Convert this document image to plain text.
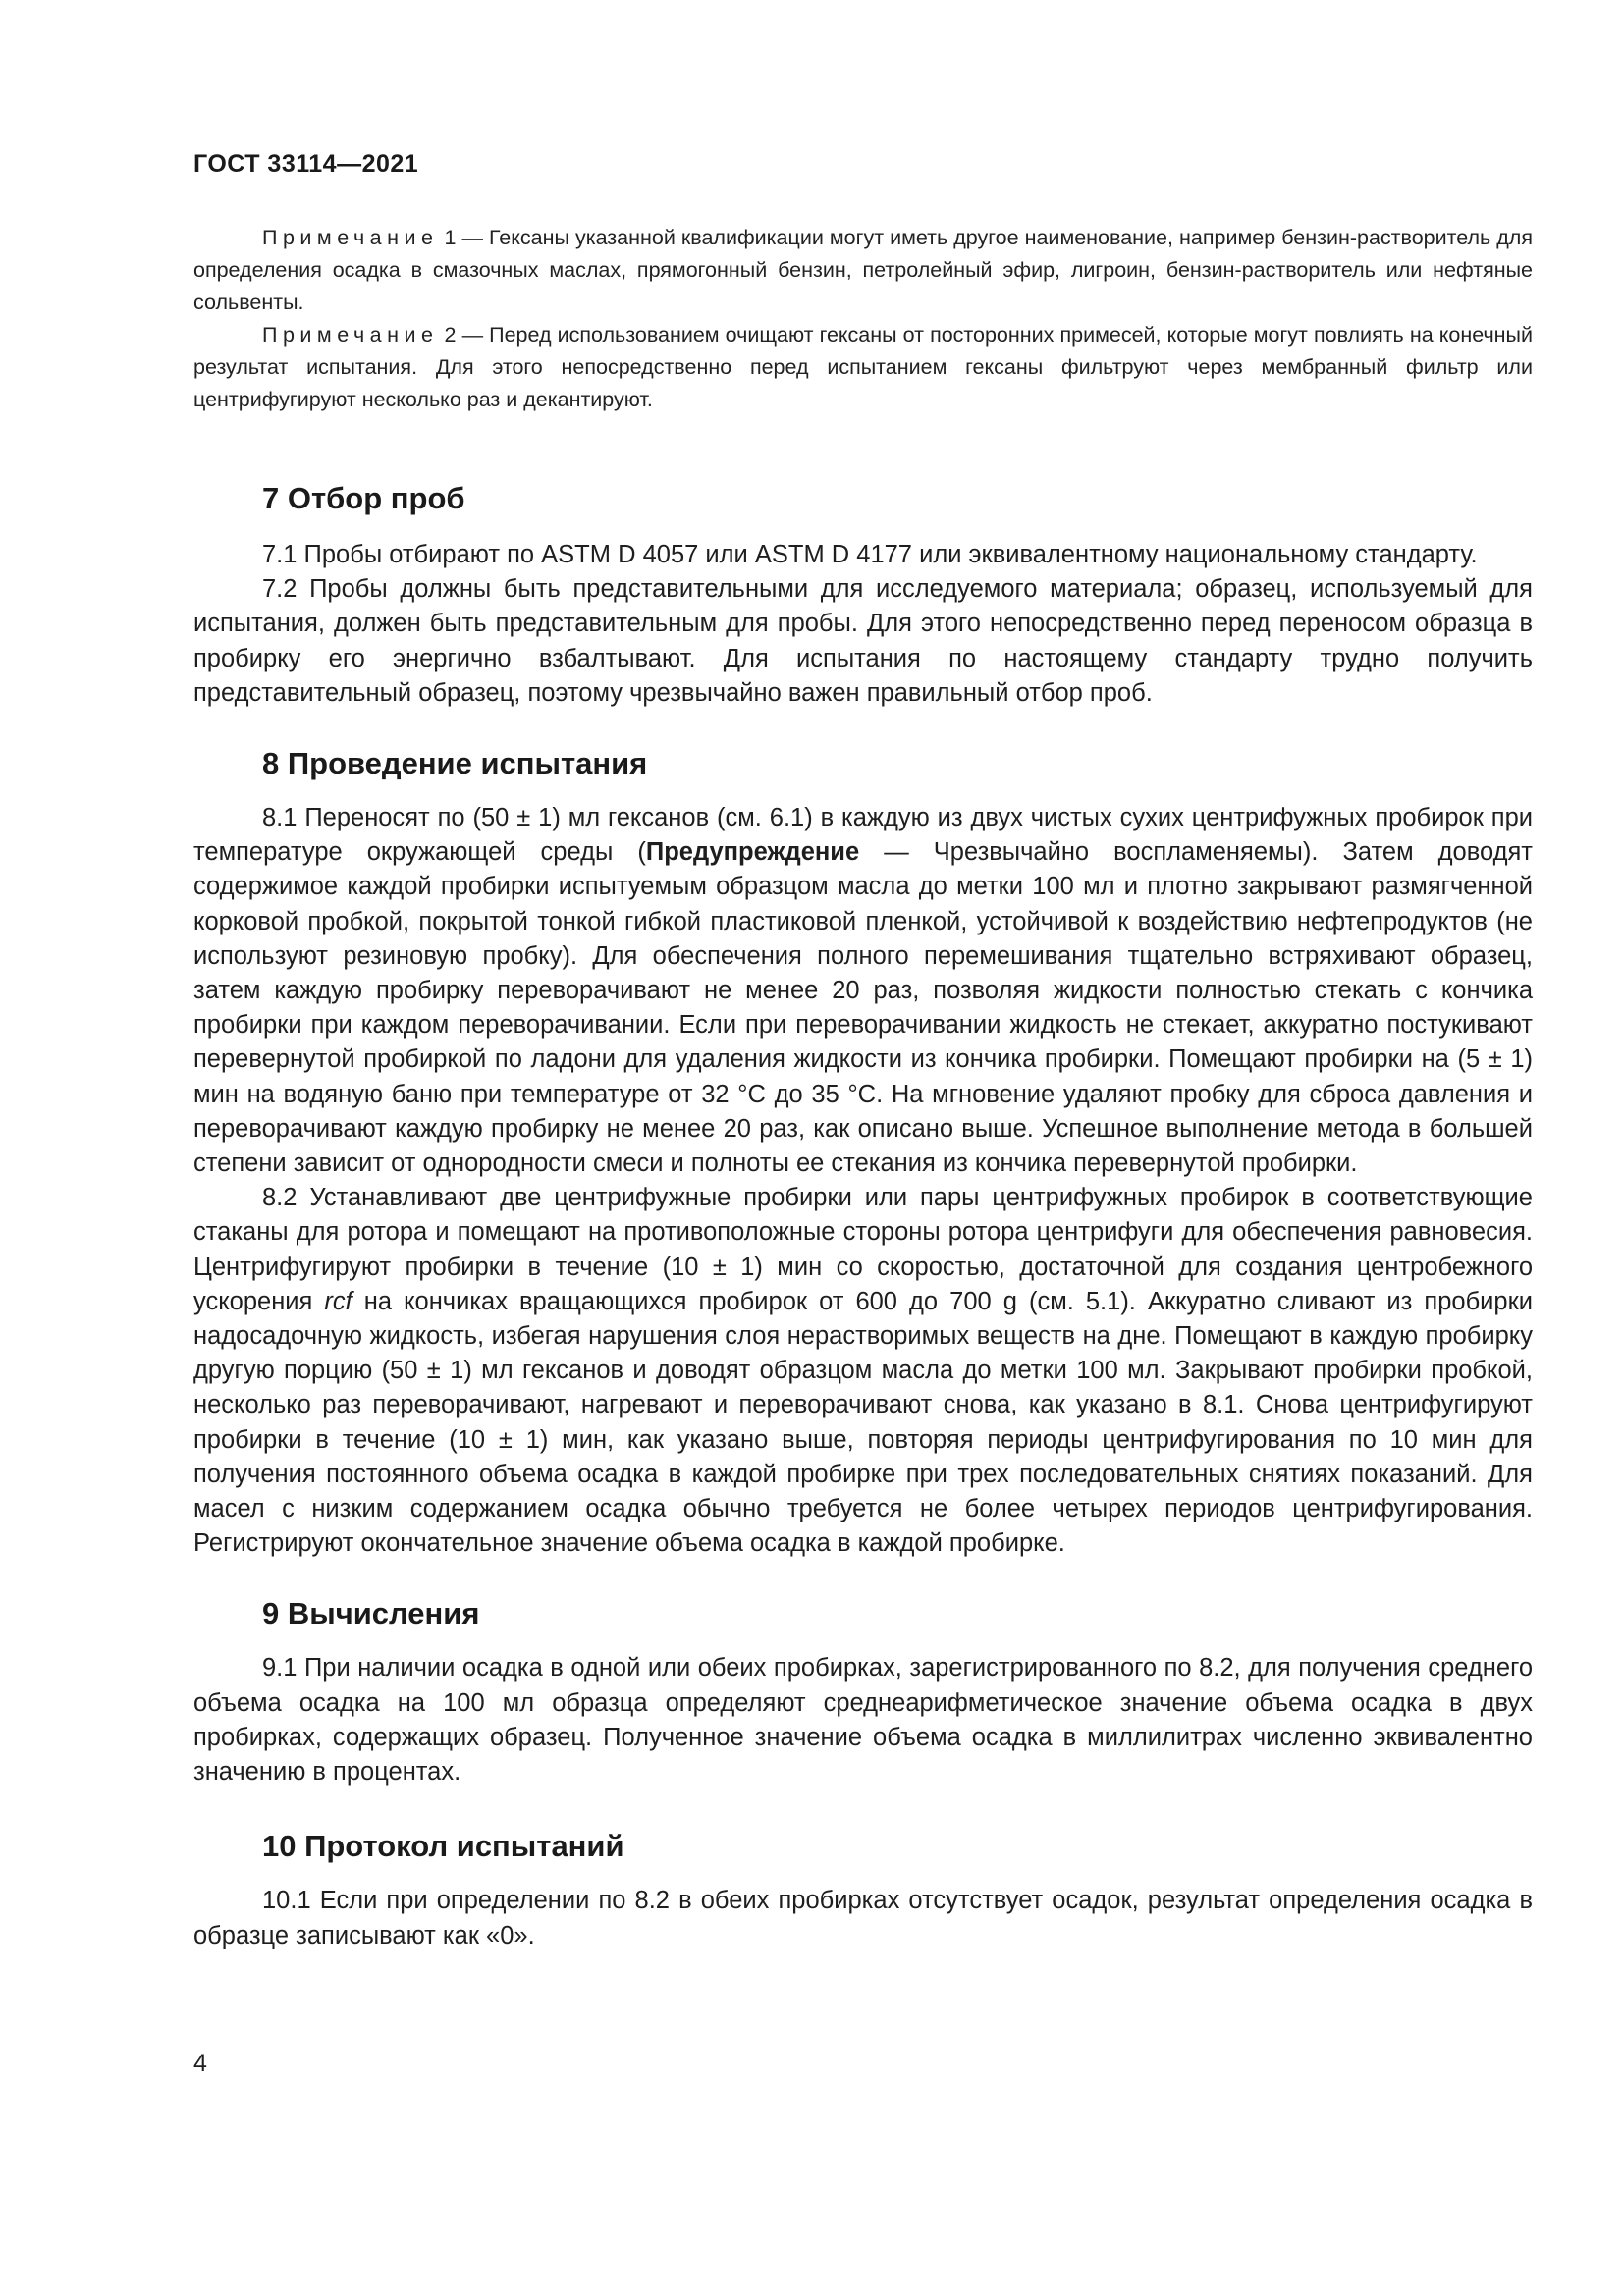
ГОСТ 33114—2021

Примечание 1 — Гексаны указанной квалификации могут иметь другое наименование, например бензин-растворитель для определения осадка в смазочных маслах, прямогонный бензин, петролейный эфир, лигроин, бензин-растворитель или нефтяные сольвенты.

Примечание 2 — Перед использованием очищают гексаны от посторонних примесей, которые могут повлиять на конечный результат испытания. Для этого непосредственно перед испытанием гексаны фильтруют через мембранный фильтр или центрифугируют несколько раз и декантируют.

7 Отбор проб

7.1 Пробы отбирают по ASTM D 4057 или ASTM D 4177 или эквивалентному национальному стандарту.

7.2 Пробы должны быть представительными для исследуемого материала; образец, используемый для испытания, должен быть представительным для пробы. Для этого непосредственно перед переносом образца в пробирку его энергично взбалтывают. Для испытания по настоящему стандарту трудно получить представительный образец, поэтому чрезвычайно важен правильный отбор проб.

8 Проведение испытания

8.1 Переносят по (50 ± 1) мл гексанов (см. 6.1) в каждую из двух чистых сухих центрифужных пробирок при температуре окружающей среды (Предупреждение — Чрезвычайно воспламеняемы). Затем доводят содержимое каждой пробирки испытуемым образцом масла до метки 100 мл и плотно закрывают размягченной корковой пробкой, покрытой тонкой гибкой пластиковой пленкой, устойчивой к воздействию нефтепродуктов (не используют резиновую пробку). Для обеспечения полного перемешивания тщательно встряхивают образец, затем каждую пробирку переворачивают не менее 20 раз, позволяя жидкости полностью стекать с кончика пробирки при каждом переворачивании. Если при переворачивании жидкость не стекает, аккуратно постукивают перевернутой пробиркой по ладони для удаления жидкости из кончика пробирки. Помещают пробирки на (5 ± 1) мин на водяную баню при температуре от 32 °C до 35 °C. На мгновение удаляют пробку для сброса давления и переворачивают каждую пробирку не менее 20 раз, как описано выше. Успешное выполнение метода в большей степени зависит от однородности смеси и полноты ее стекания из кончика перевернутой пробирки.

8.2 Устанавливают две центрифужные пробирки или пары центрифужных пробирок в соответствующие стаканы для ротора и помещают на противоположные стороны ротора центрифуги для обеспечения равновесия. Центрифугируют пробирки в течение (10 ± 1) мин со скоростью, достаточной для создания центробежного ускорения rcf на кончиках вращающихся пробирок от 600 до 700 g (см. 5.1). Аккуратно сливают из пробирки надосадочную жидкость, избегая нарушения слоя нерастворимых веществ на дне. Помещают в каждую пробирку другую порцию (50 ± 1) мл гексанов и доводят образцом масла до метки 100 мл. Закрывают пробирки пробкой, несколько раз переворачивают, нагревают и переворачивают снова, как указано в 8.1. Снова центрифугируют пробирки в течение (10 ± 1) мин, как указано выше, повторяя периоды центрифугирования по 10 мин для получения постоянного объема осадка в каждой пробирке при трех последовательных снятиях показаний. Для масел с низким содержанием осадка обычно требуется не более четырех периодов центрифугирования. Регистрируют окончательное значение объема осадка в каждой пробирке.

9 Вычисления

9.1 При наличии осадка в одной или обеих пробирках, зарегистрированного по 8.2, для получения среднего объема осадка на 100 мл образца определяют среднеарифметическое значение объема осадка в двух пробирках, содержащих образец. Полученное значение объема осадка в миллилитрах численно эквивалентно значению в процентах.

10 Протокол испытаний

10.1 Если при определении по 8.2 в обеих пробирках отсутствует осадок, результат определения осадка в образце записывают как «0».

4
